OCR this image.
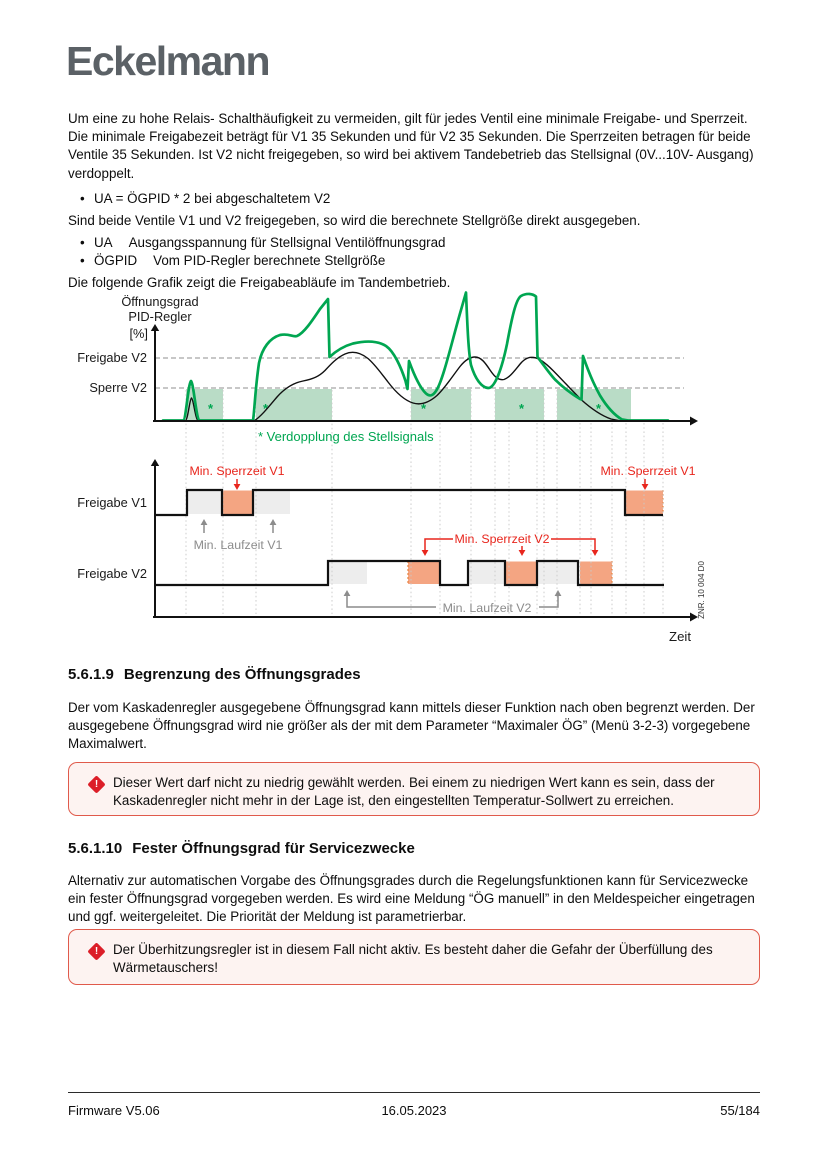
Eckelmann
Um eine zu hohe Relais- Schalthäufigkeit zu vermeiden, gilt für jedes Ventil eine minimale Freigabe- und Sperrzeit. Die minimale Freigabezeit beträgt für V1 35 Sekunden und für V2 35 Sekunden. Die Sperrzeiten betragen für beide Ventile 35 Sekunden. Ist V2 nicht freigegeben, so wird bei aktivem Tandebetrieb das Stellsignal (0V...10V- Ausgang) verdoppelt.
• UA = ÖGPID * 2 bei abgeschaltetem V2
Sind beide Ventile V1 und V2 freigegeben, so wird die berechnete Stellgröße direkt ausgegeben.
• UA Ausgangsspannung für Stellsignal Ventilöffnungsgrad
• ÖGPID Vom PID-Regler berechnete Stellgröße
Die folgende Grafik zeigt die Freigabeabläufe im Tandembetrieb.
*	*	*	*	*
Öffnungsgrad
PID-Regler
[%]
Freigabe V2
Sperre V2
* Verdopplung des Stellsignals
Freigabe V1
Min. Sperrzeit V1	Min. Sperrzeit V1
Min. Laufzeit V1
Freigabe V2
Min. Sperrzeit V2
Min. Laufzeit V2
Zeit
ZNR. 10 004 D0
5.6.1.9 Begrenzung des Öffnungsgrades
Der vom Kaskadenregler ausgegebene Öffnungsgrad kann mittels dieser Funktion nach oben begrenzt werden. Der ausgegebene Öffnungsgrad wird nie größer als der mit dem Parameter “Maximaler ÖG” (Menü 3-2-3) vorgegebene Maximalwert.
!	Dieser Wert darf nicht zu niedrig gewählt werden. Bei einem zu niedrigen Wert kann es sein, dass der Kaskadenregler nicht mehr in der Lage ist, den eingestellten Temperatur-Sollwert zu erreichen.
5.6.1.10 Fester Öffnungsgrad für Servicezwecke
Alternativ zur automatischen Vorgabe des Öffnungsgrades durch die Regelungsfunktionen kann für Servicezwecke ein fester Öffnungsgrad vorgegeben werden. Es wird eine Meldung “ÖG manuell” in den Meldespeicher eingetragen und ggf. weitergeleitet. Die Priorität der Meldung ist parametrierbar.
!	Der Überhitzungsregler ist in diesem Fall nicht aktiv. Es besteht daher die Gefahr der Überfüllung des Wärmetauschers!
Firmware V5.06	16.05.2023	55/184
